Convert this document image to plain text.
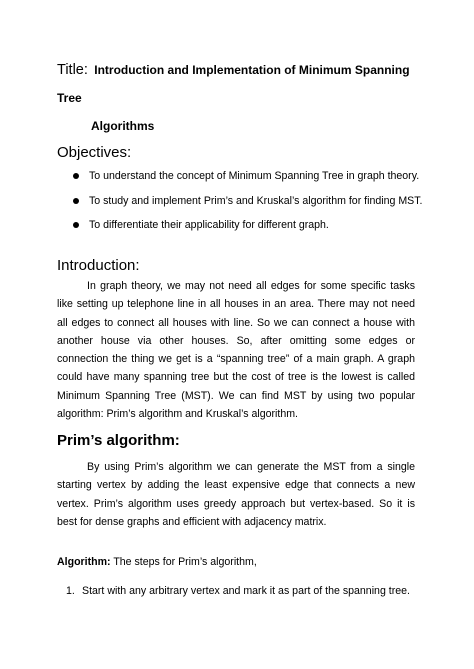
Title: Introduction and Implementation of Minimum Spanning Tree
Algorithms
Objectives:
To understand the concept of Minimum Spanning Tree in graph theory.
To study and implement Prim’s and Kruskal’s algorithm for finding MST.
To differentiate their applicability for different graph.
Introduction:

In graph theory, we may not need all edges for some specific tasks like setting up telephone line in all houses in an area. There may not need all edges to connect all houses with line. So we can connect a house with another house via other houses. So, after omitting some edges or connection the thing we get is a “spanning tree” of a main graph. A graph could have many spanning tree but the cost of tree is the lowest is called Minimum Spanning Tree (MST). We can find MST by using two popular algorithm: Prim’s algorithm and Kruskal’s algorithm.

Prim’s algorithm:

By using Prim’s algorithm we can generate the MST from a single starting vertex by adding the least expensive edge that connects a new vertex. Prim’s algorithm uses greedy approach but vertex-based. So it is best for dense graphs and efficient with adjacency matrix.

Algorithm: The steps for Prim’s algorithm,
1. Start with any arbitrary vertex and mark it as part of the spanning tree.
